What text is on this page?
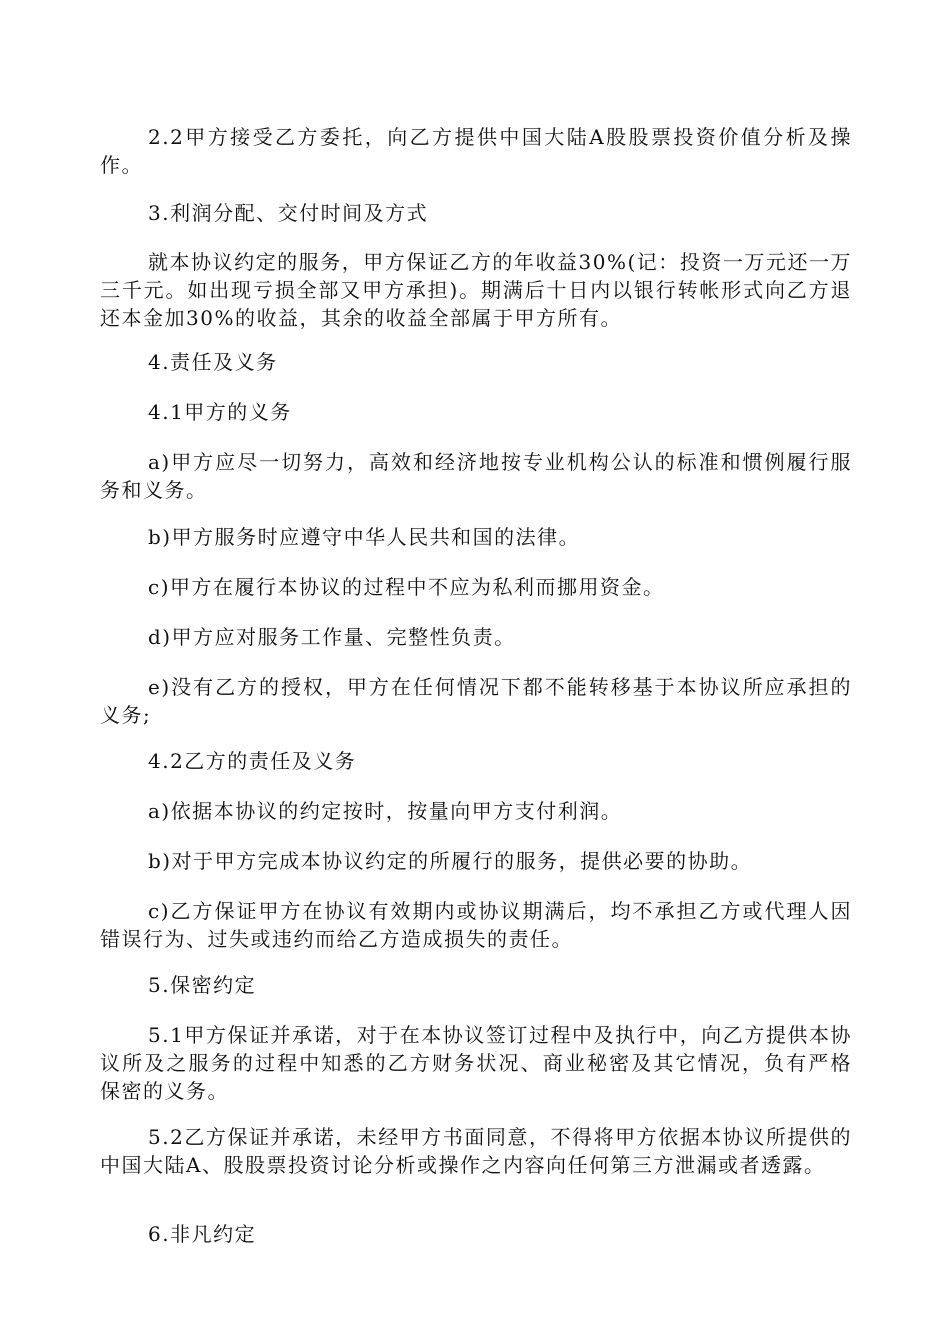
2.2甲方接受乙方委托，向乙方提供中国大陆A股股票投资价值分析及操作。

3.利润分配、交付时间及方式

就本协议约定的服务，甲方保证乙方的年收益30%(记：投资一万元还一万三千元。如出现亏损全部又甲方承担)。期满后十日内以银行转帐形式向乙方退还本金加30%的收益，其余的收益全部属于甲方所有。

4.责任及义务

4.1甲方的义务

a)甲方应尽一切努力，高效和经济地按专业机构公认的标准和惯例履行服务和义务。

b)甲方服务时应遵守中华人民共和国的法律。

c)甲方在履行本协议的过程中不应为私利而挪用资金。

d)甲方应对服务工作量、完整性负责。

e)没有乙方的授权，甲方在任何情况下都不能转移基于本协议所应承担的义务;

4.2乙方的责任及义务

a)依据本协议的约定按时，按量向甲方支付利润。

b)对于甲方完成本协议约定的所履行的服务，提供必要的协助。

c)乙方保证甲方在协议有效期内或协议期满后，均不承担乙方或代理人因错误行为、过失或违约而给乙方造成损失的责任。

5.保密约定

5.1甲方保证并承诺，对于在本协议签订过程中及执行中，向乙方提供本协议所及之服务的过程中知悉的乙方财务状况、商业秘密及其它情况，负有严格保密的义务。

5.2乙方保证并承诺，未经甲方书面同意，不得将甲方依据本协议所提供的中国大陆A、股股票投资讨论分析或操作之内容向任何第三方泄漏或者透露。

6.非凡约定
